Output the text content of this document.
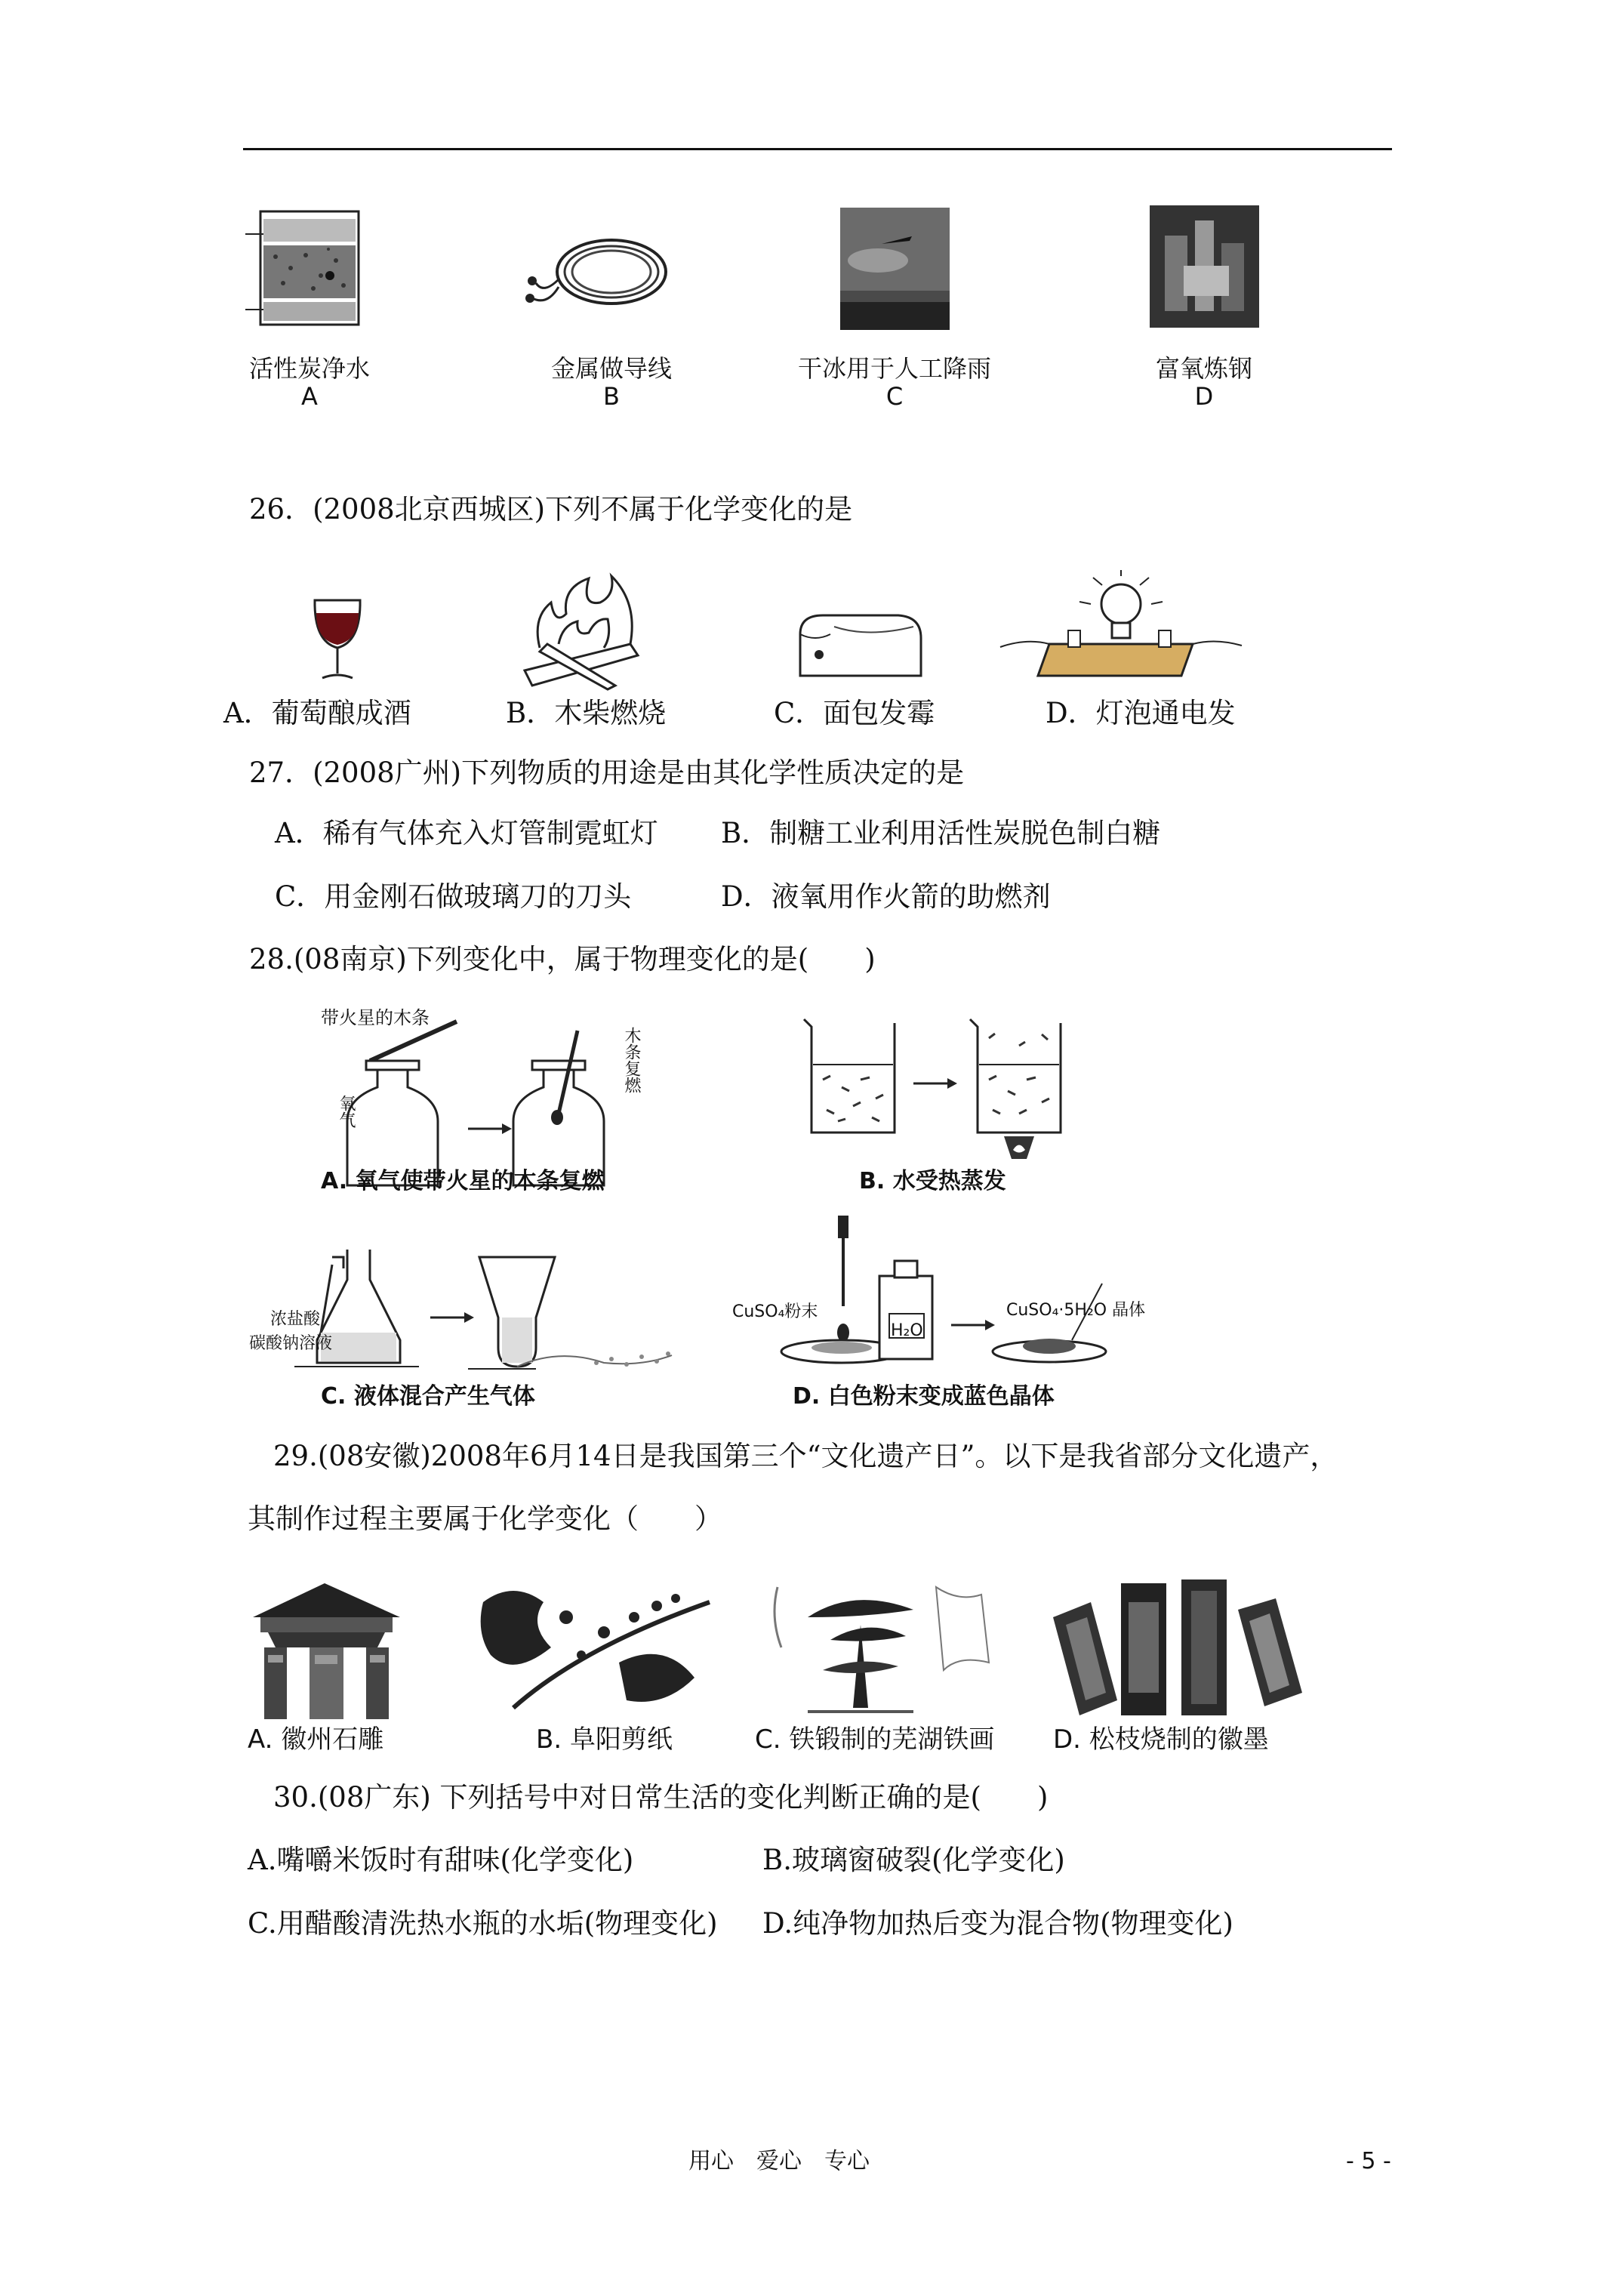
活性炭净水
A
金属做导线
B
干冰用于人工降雨
C
富氧炼钢
D
26．(2008北京西城区)下列不属于化学变化的是
A．葡萄酿成酒	B．木柴燃烧	C．面包发霉	D．灯泡通电发
27．(2008广州)下列物质的用途是由其化学性质决定的是
A．稀有气体充入灯管制霓虹灯 B．制糖工业利用活性炭脱色制白糖
C．用金刚石做玻璃刀的刀头	D．液氧用作火箭的助燃剂
28.(08南京)下列变化中，属于物理变化的是(　　)
带火星的木条
氧气
木条复燃
A. 氧气使带火星的木条复燃	B. 水受热蒸发
浓盐酸
碳酸钠溶液
C. 液体混合产生气体
CuSO₄粉末
H₂O
CuSO₄·5H₂O 晶体
D. 白色粉末变成蓝色晶体
29.(08安徽)2008年6月14日是我国第三个“文化遗产日”。以下是我省部分文化遗产，
其制作过程主要属于化学变化（　　）
A. 徽州石雕	B. 阜阳剪纸	C. 铁锻制的芜湖铁画 D. 松枝烧制的徽墨
30.(08广东) 下列括号中对日常生活的变化判断正确的是(　　)
A.嘴嚼米饭时有甜味(化学变化)	B.玻璃窗破裂(化学变化)
C.用醋酸清洗热水瓶的水垢(物理变化) D.纯净物加热后变为混合物(物理变化)
用心　爱心　专心	- 5 -
